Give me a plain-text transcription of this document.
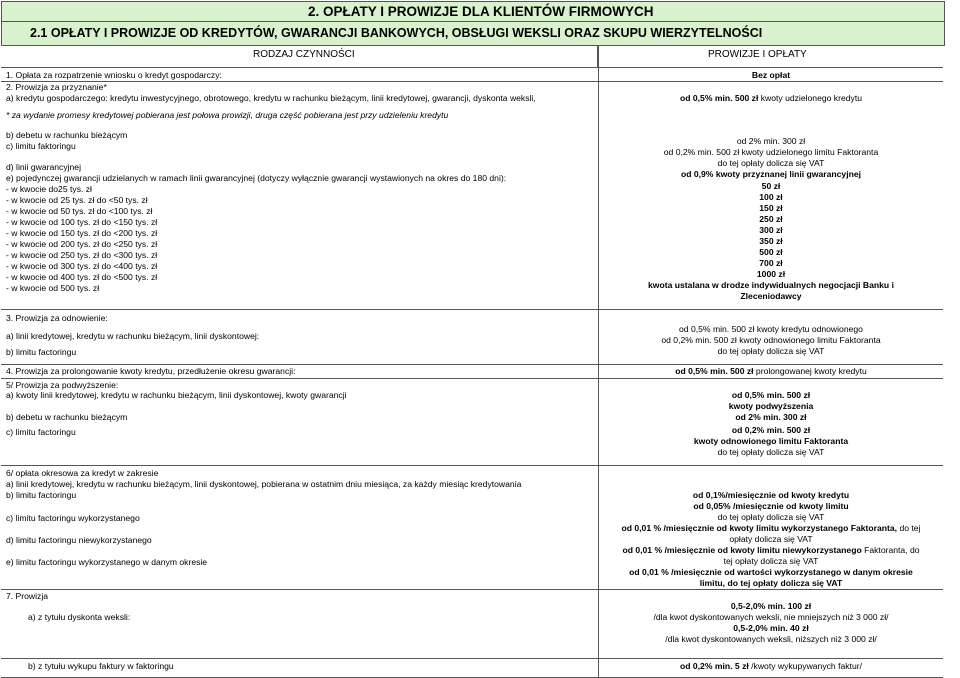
2. OPŁATY I PROWIZJE DLA KLIENTÓW FIRMOWYCH
2.1 OPŁATY I PROWIZJE OD KREDYTÓW, GWARANCJI BANKOWYCH, OBSŁUGI WEKSLI ORAZ SKUPU WIERZYTELNOŚCI
RODZAJ CZYNNOŚCI	PROWIZJE I OPŁATY
1. Opłata za rozpatrzenie wniosku o kredyt gospodarczy:
2. Prowizja za przyznanie*
a) kredytu gospodarczego: kredytu inwestycyjnego, obrotowego, kredytu w rachunku bieżącym, linii kredytowej, gwarancji, dyskonta weksli,
* za wydanie promesy kredytowej pobierana jest połowa prowizji, druga część pobierana jest przy udzieleniu kredytu
b) debetu w rachunku bieżącym
c) limitu faktoringu
d) linii gwarancyjnej
e) pojedynczej gwarancji udzielanych w ramach linii gwarancyjnej (dotyczy wyłącznie gwarancji wystawionych na okres do 180 dni):
- w kwocie do25 tys. zł
- w kwocie od 25 tys. zł do <50 tys. zł
- w kwocie od 50 tys. zł do <100 tys. zł
- w kwocie od 100 tys. zł do <150 tys. zł
- w kwocie od 150 tys. zł do <200 tys. zł
- w kwocie od 200 tys. zł do <250 tys. zł
- w kwocie od 250 tys. zł do <300 tys. zł
- w kwocie od 300 tys. zł do <400 tys. zł
- w kwocie od 400 tys. zł do <500 tys. zł
- w kwocie od 500 tys. zł
3. Prowizja za odnowienie:
a) linii kredytowej, kredytu w rachunku bieżącym, linii dyskontowej:
b) limitu factoringu
4. Prowizja za prolongowanie kwoty kredytu, przedłużenie okresu gwarancji:
5/ Prowizja za podwyższenie:
a) kwoty linii kredytowej, kredytu w rachunku bieżącym, linii dyskontowej, kwoty gwarancji
b) debetu w rachunku bieżącym
c) limitu factoringu
6/ opłata okresowa za kredyt w zakresie
a) linii kredytowej, kredytu w rachunku bieżącym, linii dyskontowej, pobierana w ostatnim dniu miesiąca, za każdy miesiąc kredytowania
b) limitu factoringu
c) limitu factoringu wykorzystanego
d) limitu factoringu niewykorzystanego
e) limitu factoringu wykorzystanego w danym okresie
7. Prowizja
a) z tytułu dyskonta weksli:
b) z tytułu wykupu faktury w faktoringu
Bez opłat
od 0,5% min. 500 zł kwoty udzielonego kredytu
od 2% min. 300 zł
od 0,2% min. 500 zł kwoty udzielonego limitu Faktoranta
do tej opłaty dolicza się VAT
od 0,9% kwoty przyznanej linii gwarancyjnej
50 zł
100 zł
150 zł
250 zł
300 zł
350 zł
500 zł
700 zł
1000 zł
kwota ustalana w drodze indywidualnych negocjacji Banku i
Zleceniodawcy
od 0,5% min. 500 zł kwoty kredytu odnowionego
od 0,2% min. 500 zł kwoty odnowionego limitu Faktoranta
do tej opłaty dolicza się VAT
od 0,5% min. 500 zł prolongowanej kwoty kredytu
od 0,5% min. 500 zł
kwoty podwyższenia
od 2% min. 300 zł
od 0,2% min. 500 zł
kwoty odnowionego limitu Faktoranta
do tej opłaty dolicza się VAT
od 0,1%/miesięcznie od kwoty kredytu
od 0,05% /miesięcznie od kwoty limitu
do tej opłaty dolicza się VAT
od 0,01 % /miesięcznie od kwoty limitu wykorzystanego Faktoranta, do tej
opłaty dolicza się VAT
od 0,01 % /miesięcznie od kwoty limitu niewykorzystanego Faktoranta, do
tej opłaty dolicza się VAT
od 0,01 % /miesięcznie od wartości wykorzystanego w danym okresie
limitu, do tej opłaty dolicza się VAT
0,5-2,0% min. 100 zł
/dla kwot dyskontowanych weksli, nie mniejszych niż 3 000 zł/
0,5-2,0% min. 40 zł
/dla kwot dyskontowanych weksli, niższych niż 3 000 zł/
od 0,2% min. 5 zł /kwoty wykupywanych faktur/
